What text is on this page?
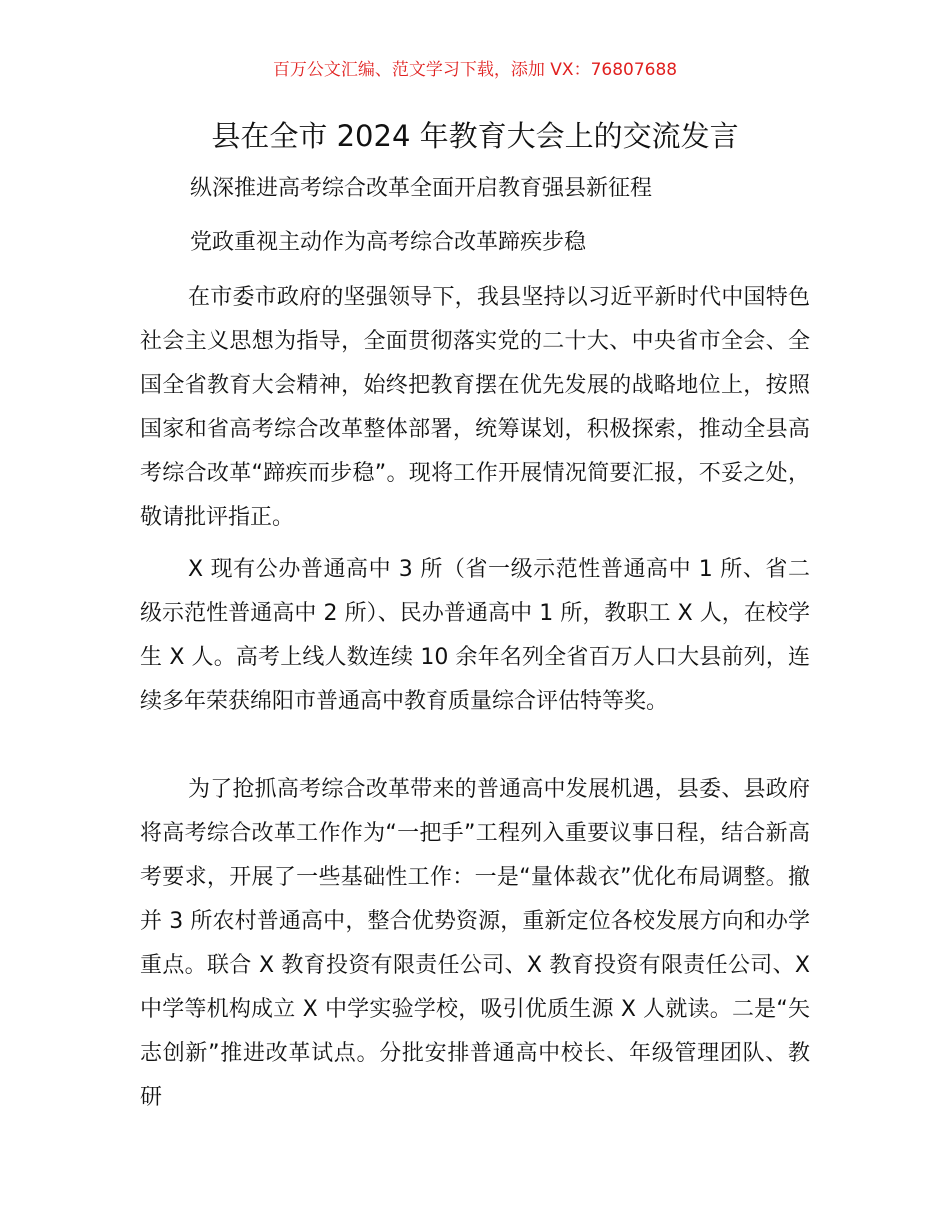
百万公文汇编、范文学习下载，添加 VX：76807688
县在全市 2024 年教育大会上的交流发言

纵深推进高考综合改革全面开启教育强县新征程

党政重视主动作为高考综合改革蹄疾步稳

在市委市政府的坚强领导下，我县坚持以习近平新时代中国特色社会主义思想为指导，全面贯彻落实党的二十大、中央省市全会、全国全省教育大会精神，始终把教育摆在优先发展的战略地位上，按照国家和省高考综合改革整体部署，统筹谋划，积极探索，推动全县高考综合改革“蹄疾而步稳”。现将工作开展情况简要汇报，不妥之处，敬请批评指正。

X 现有公办普通高中 3 所（省一级示范性普通高中 1 所、省二级示范性普通高中 2 所）、民办普通高中 1 所，教职工 X 人，在校学生 X 人。高考上线人数连续 10 余年名列全省百万人口大县前列，连续多年荣获绵阳市普通高中教育质量综合评估特等奖。

为了抢抓高考综合改革带来的普通高中发展机遇，县委、县政府将高考综合改革工作作为“一把手”工程列入重要议事日程，结合新高考要求，开展了一些基础性工作：一是“量体裁衣”优化布局调整。撤并 3 所农村普通高中，整合优势资源，重新定位各校发展方向和办学重点。联合 X 教育投资有限责任公司、X 教育投资有限责任公司、X 中学等机构成立 X 中学实验学校，吸引优质生源 X 人就读。二是“矢志创新”推进改革试点。分批安排普通高中校长、年级管理团队、教研
